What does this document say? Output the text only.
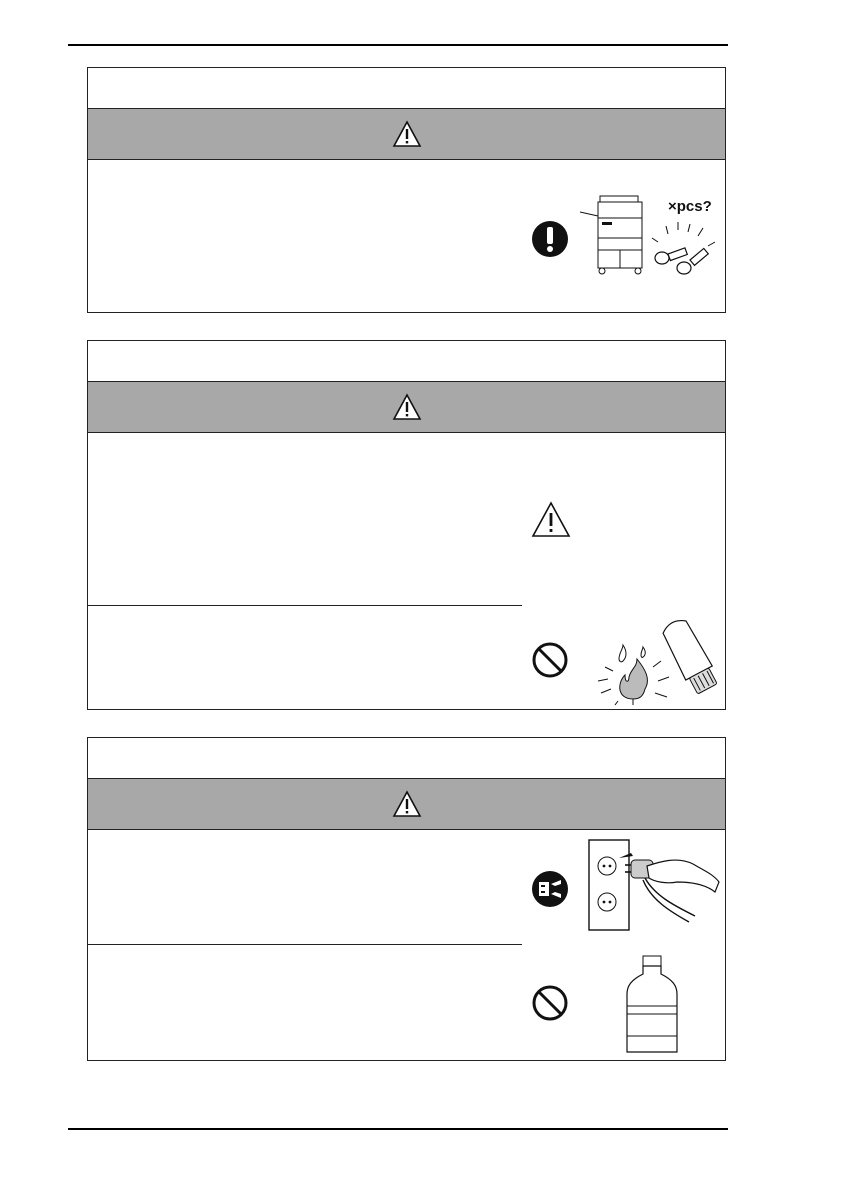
×pcs?
